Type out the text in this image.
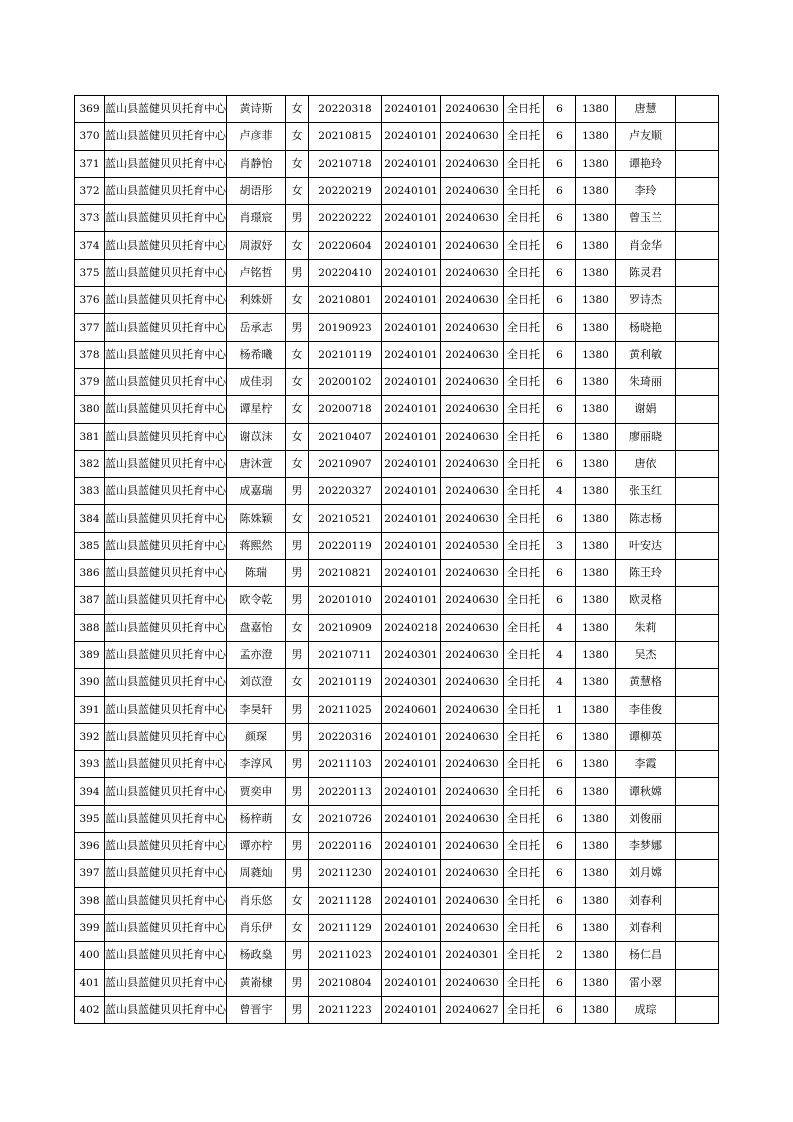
369	蓝山县蓝健贝贝托育中心	黄诗斯	女	20220318	20240101	20240630	全日托	6	1380	唐慧	
370	蓝山县蓝健贝贝托育中心	卢彦菲	女	20210815	20240101	20240630	全日托	6	1380	卢友顺	
371	蓝山县蓝健贝贝托育中心	肖静怡	女	20210718	20240101	20240630	全日托	6	1380	谭艳玲	
372	蓝山县蓝健贝贝托育中心	胡语彤	女	20220219	20240101	20240630	全日托	6	1380	李玲	
373	蓝山县蓝健贝贝托育中心	肖璟宸	男	20220222	20240101	20240630	全日托	6	1380	曾玉兰	
374	蓝山县蓝健贝贝托育中心	周淑妤	女	20220604	20240101	20240630	全日托	6	1380	肖金华	
375	蓝山县蓝健贝贝托育中心	卢铭哲	男	20220410	20240101	20240630	全日托	6	1380	陈灵君	
376	蓝山县蓝健贝贝托育中心	利姝妍	女	20210801	20240101	20240630	全日托	6	1380	罗诗杰	
377	蓝山县蓝健贝贝托育中心	岳承志	男	20190923	20240101	20240630	全日托	6	1380	杨晓艳	
378	蓝山县蓝健贝贝托育中心	杨希曦	女	20210119	20240101	20240630	全日托	6	1380	黄利敏	
379	蓝山县蓝健贝贝托育中心	成佳羽	女	20200102	20240101	20240630	全日托	6	1380	朱琦丽	
380	蓝山县蓝健贝贝托育中心	谭星柠	女	20200718	20240101	20240630	全日托	6	1380	谢娟	
381	蓝山县蓝健贝贝托育中心	谢苡沫	女	20210407	20240101	20240630	全日托	6	1380	廖丽晓	
382	蓝山县蓝健贝贝托育中心	唐沐萱	女	20210907	20240101	20240630	全日托	6	1380	唐依	
383	蓝山县蓝健贝贝托育中心	成嘉瑞	男	20220327	20240101	20240630	全日托	4	1380	张玉红	
384	蓝山县蓝健贝贝托育中心	陈姝颖	女	20210521	20240101	20240630	全日托	6	1380	陈志杨	
385	蓝山县蓝健贝贝托育中心	蒋熙然	男	20220119	20240101	20240530	全日托	3	1380	叶安达	
386	蓝山县蓝健贝贝托育中心	陈瑞	男	20210821	20240101	20240630	全日托	6	1380	陈王玲	
387	蓝山县蓝健贝贝托育中心	欧令乾	男	20201010	20240101	20240630	全日托	6	1380	欧灵格	
388	蓝山县蓝健贝贝托育中心	盘嘉怡	女	20210909	20240218	20240630	全日托	4	1380	朱莉	
389	蓝山县蓝健贝贝托育中心	孟亦澄	男	20210711	20240301	20240630	全日托	4	1380	吴杰	
390	蓝山县蓝健贝贝托育中心	刘苡澄	女	20210119	20240301	20240630	全日托	4	1380	黄慧格	
391	蓝山县蓝健贝贝托育中心	李昊轩	男	20211025	20240601	20240630	全日托	1	1380	李佳俊	
392	蓝山县蓝健贝贝托育中心	颜琛	男	20220316	20240101	20240630	全日托	6	1380	谭柳英	
393	蓝山县蓝健贝贝托育中心	李淳风	男	20211103	20240101	20240630	全日托	6	1380	李霞	
394	蓝山县蓝健贝贝托育中心	贾奕申	男	20220113	20240101	20240630	全日托	6	1380	谭秋嫦	
395	蓝山县蓝健贝贝托育中心	杨梓萌	女	20210726	20240101	20240630	全日托	6	1380	刘俊丽	
396	蓝山县蓝健贝贝托育中心	谭亦柠	男	20220116	20240101	20240630	全日托	6	1380	李梦娜	
397	蓝山县蓝健贝贝托育中心	周蕤灿	男	20211230	20240101	20240630	全日托	6	1380	刘月嫦	
398	蓝山县蓝健贝贝托育中心	肖乐悠	女	20211128	20240101	20240630	全日托	6	1380	刘春利	
399	蓝山县蓝健贝贝托育中心	肖乐伊	女	20211129	20240101	20240630	全日托	6	1380	刘春利	
400	蓝山县蓝健贝贝托育中心	杨政燊	男	20211023	20240101	20240301	全日托	2	1380	杨仁昌	
401	蓝山县蓝健贝贝托育中心	黄嵛棣	男	20210804	20240101	20240630	全日托	6	1380	雷小翠	
402	蓝山县蓝健贝贝托育中心	曾晋宇	男	20211223	20240101	20240627	全日托	6	1380	成琮	
